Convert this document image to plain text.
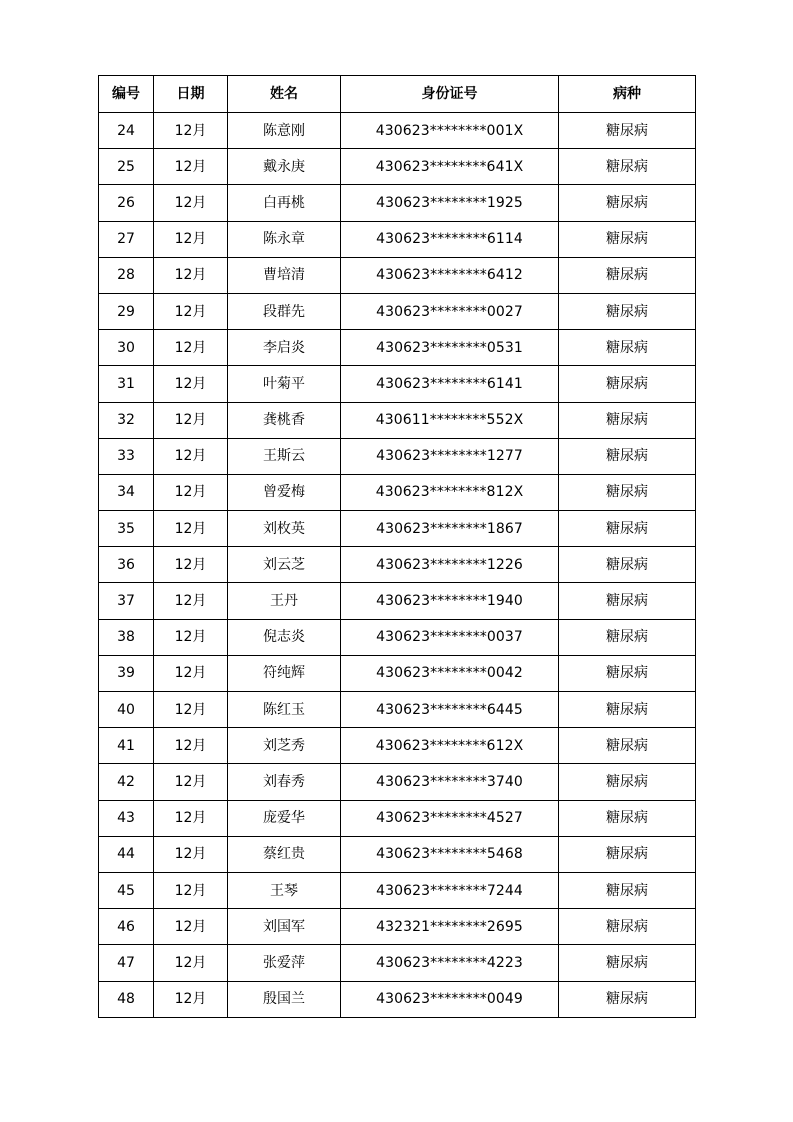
编号	日期	姓名	身份证号	病种
24	12月	陈意刚	430623********001X	糖尿病
25	12月	戴永庚	430623********641X	糖尿病
26	12月	白再桃	430623********1925	糖尿病
27	12月	陈永章	430623********6114	糖尿病
28	12月	曹培清	430623********6412	糖尿病
29	12月	段群先	430623********0027	糖尿病
30	12月	李启炎	430623********0531	糖尿病
31	12月	叶菊平	430623********6141	糖尿病
32	12月	龚桃香	430611********552X	糖尿病
33	12月	王斯云	430623********1277	糖尿病
34	12月	曾爱梅	430623********812X	糖尿病
35	12月	刘枚英	430623********1867	糖尿病
36	12月	刘云芝	430623********1226	糖尿病
37	12月	王丹	430623********1940	糖尿病
38	12月	倪志炎	430623********0037	糖尿病
39	12月	符纯辉	430623********0042	糖尿病
40	12月	陈红玉	430623********6445	糖尿病
41	12月	刘芝秀	430623********612X	糖尿病
42	12月	刘春秀	430623********3740	糖尿病
43	12月	庞爱华	430623********4527	糖尿病
44	12月	蔡红贵	430623********5468	糖尿病
45	12月	王琴	430623********7244	糖尿病
46	12月	刘国军	432321********2695	糖尿病
47	12月	张爱萍	430623********4223	糖尿病
48	12月	殷国兰	430623********0049	糖尿病
